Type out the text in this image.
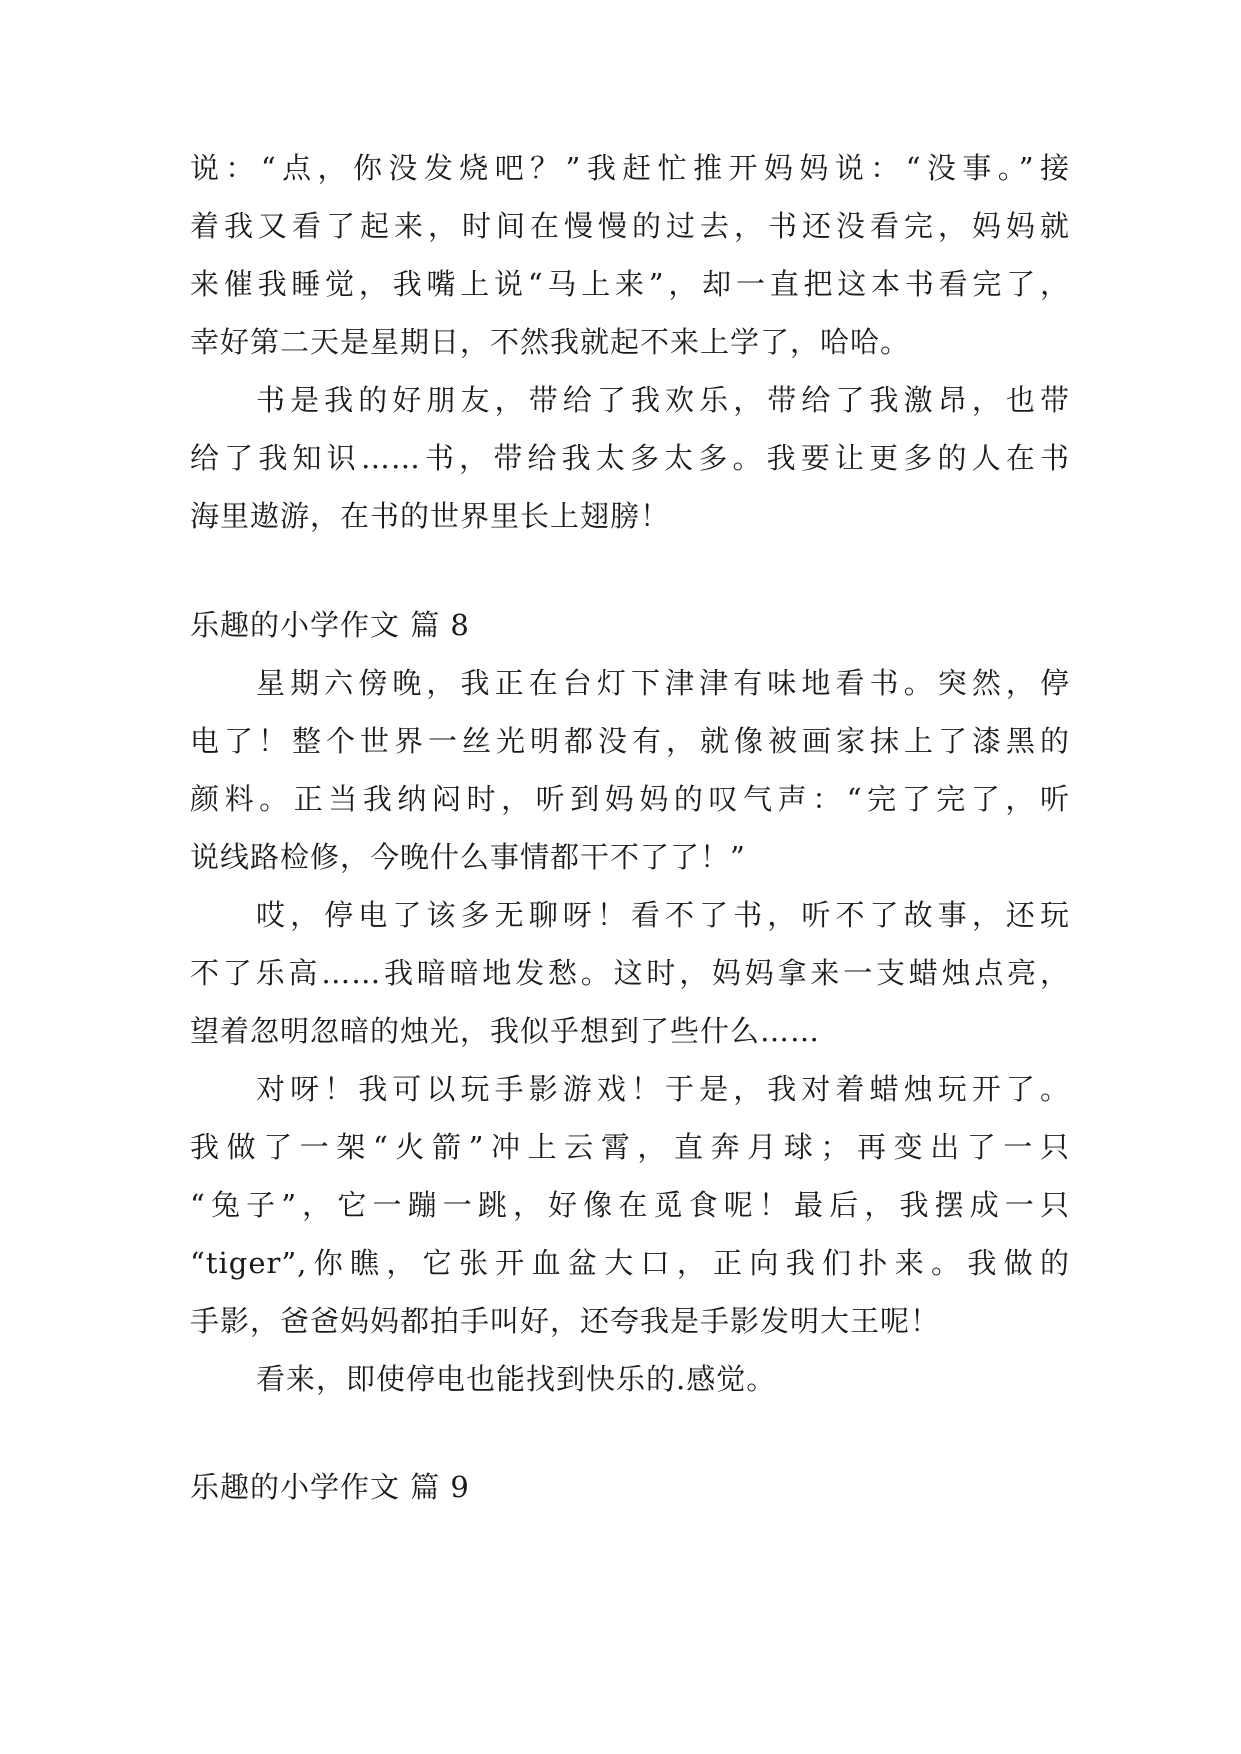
说：“点，你没发烧吧？”我赶忙推开妈妈说：“没事。”接
着我又看了起来，时间在慢慢的过去，书还没看完，妈妈就
来催我睡觉，我嘴上说“马上来”，却一直把这本书看完了，
幸好第二天是星期日，不然我就起不来上学了，哈哈。
书是我的好朋友，带给了我欢乐，带给了我激昂，也带
给了我知识……书，带给我太多太多。我要让更多的人在书
海里遨游，在书的世界里长上翅膀！
乐趣的小学作文 篇 8
星期六傍晚，我正在台灯下津津有味地看书。突然，停
电了！整个世界一丝光明都没有，就像被画家抹上了漆黑的
颜料。正当我纳闷时，听到妈妈的叹气声：“完了完了，听
说线路检修，今晚什么事情都干不了了！”
哎，停电了该多无聊呀！看不了书，听不了故事，还玩
不了乐高……我暗暗地发愁。这时，妈妈拿来一支蜡烛点亮，
望着忽明忽暗的烛光，我似乎想到了些什么……
对呀！我可以玩手影游戏！于是，我对着蜡烛玩开了。
我做了一架“火箭”冲上云霄，直奔月球；再变出了一只
“兔子”，它一蹦一跳，好像在觅食呢！最后，我摆成一只
“tiger”,你瞧，它张开血盆大口，正向我们扑来。我做的
手影，爸爸妈妈都拍手叫好，还夸我是手影发明大王呢！
看来，即使停电也能找到快乐的.感觉。
乐趣的小学作文 篇 9
